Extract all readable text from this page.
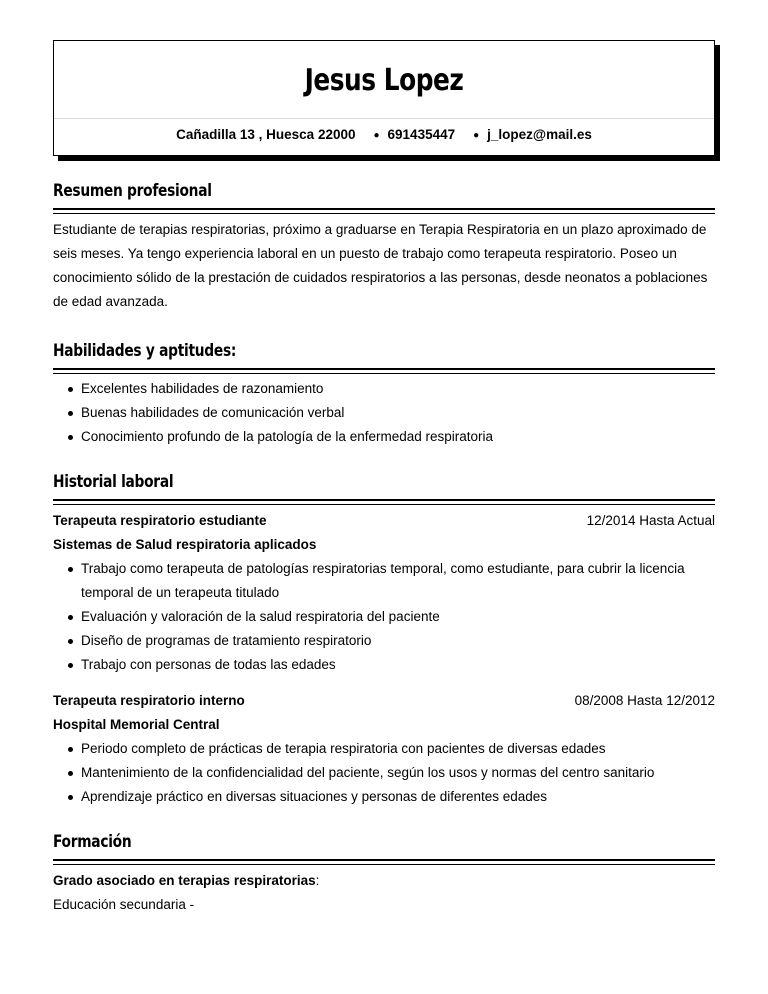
Jesus Lopez
Cañadilla 13 , Huesca 22000 ● 691435447 ● j_lopez@mail.es
Resumen profesional

Estudiante de terapias respiratorias, próximo a graduarse en Terapia Respiratoria en un plazo aproximado de seis meses. Ya tengo experiencia laboral en un puesto de trabajo como terapeuta respiratorio. Poseo un conocimiento sólido de la prestación de cuidados respiratorios a las personas, desde neonatos a poblaciones de edad avanzada.

Habilidades y aptitudes:
Excelentes habilidades de razonamiento
Buenas habilidades de comunicación verbal
Conocimiento profundo de la patología de la enfermedad respiratoria
Historial laboral
Terapeuta respiratorio estudiante	12/2014 Hasta Actual
Sistemas de Salud respiratoria aplicados
Trabajo como terapeuta de patologías respiratorias temporal, como estudiante, para cubrir la licencia temporal de un terapeuta titulado
Evaluación y valoración de la salud respiratoria del paciente
Diseño de programas de tratamiento respiratorio
Trabajo con personas de todas las edades
Terapeuta respiratorio interno	08/2008 Hasta 12/2012
Hospital Memorial Central
Periodo completo de prácticas de terapia respiratoria con pacientes de diversas edades
Mantenimiento de la confidencialidad del paciente, según los usos y normas del centro sanitario
Aprendizaje práctico en diversas situaciones y personas de diferentes edades
Formación
Grado asociado en terapias respiratorias:
Educación secundaria -
